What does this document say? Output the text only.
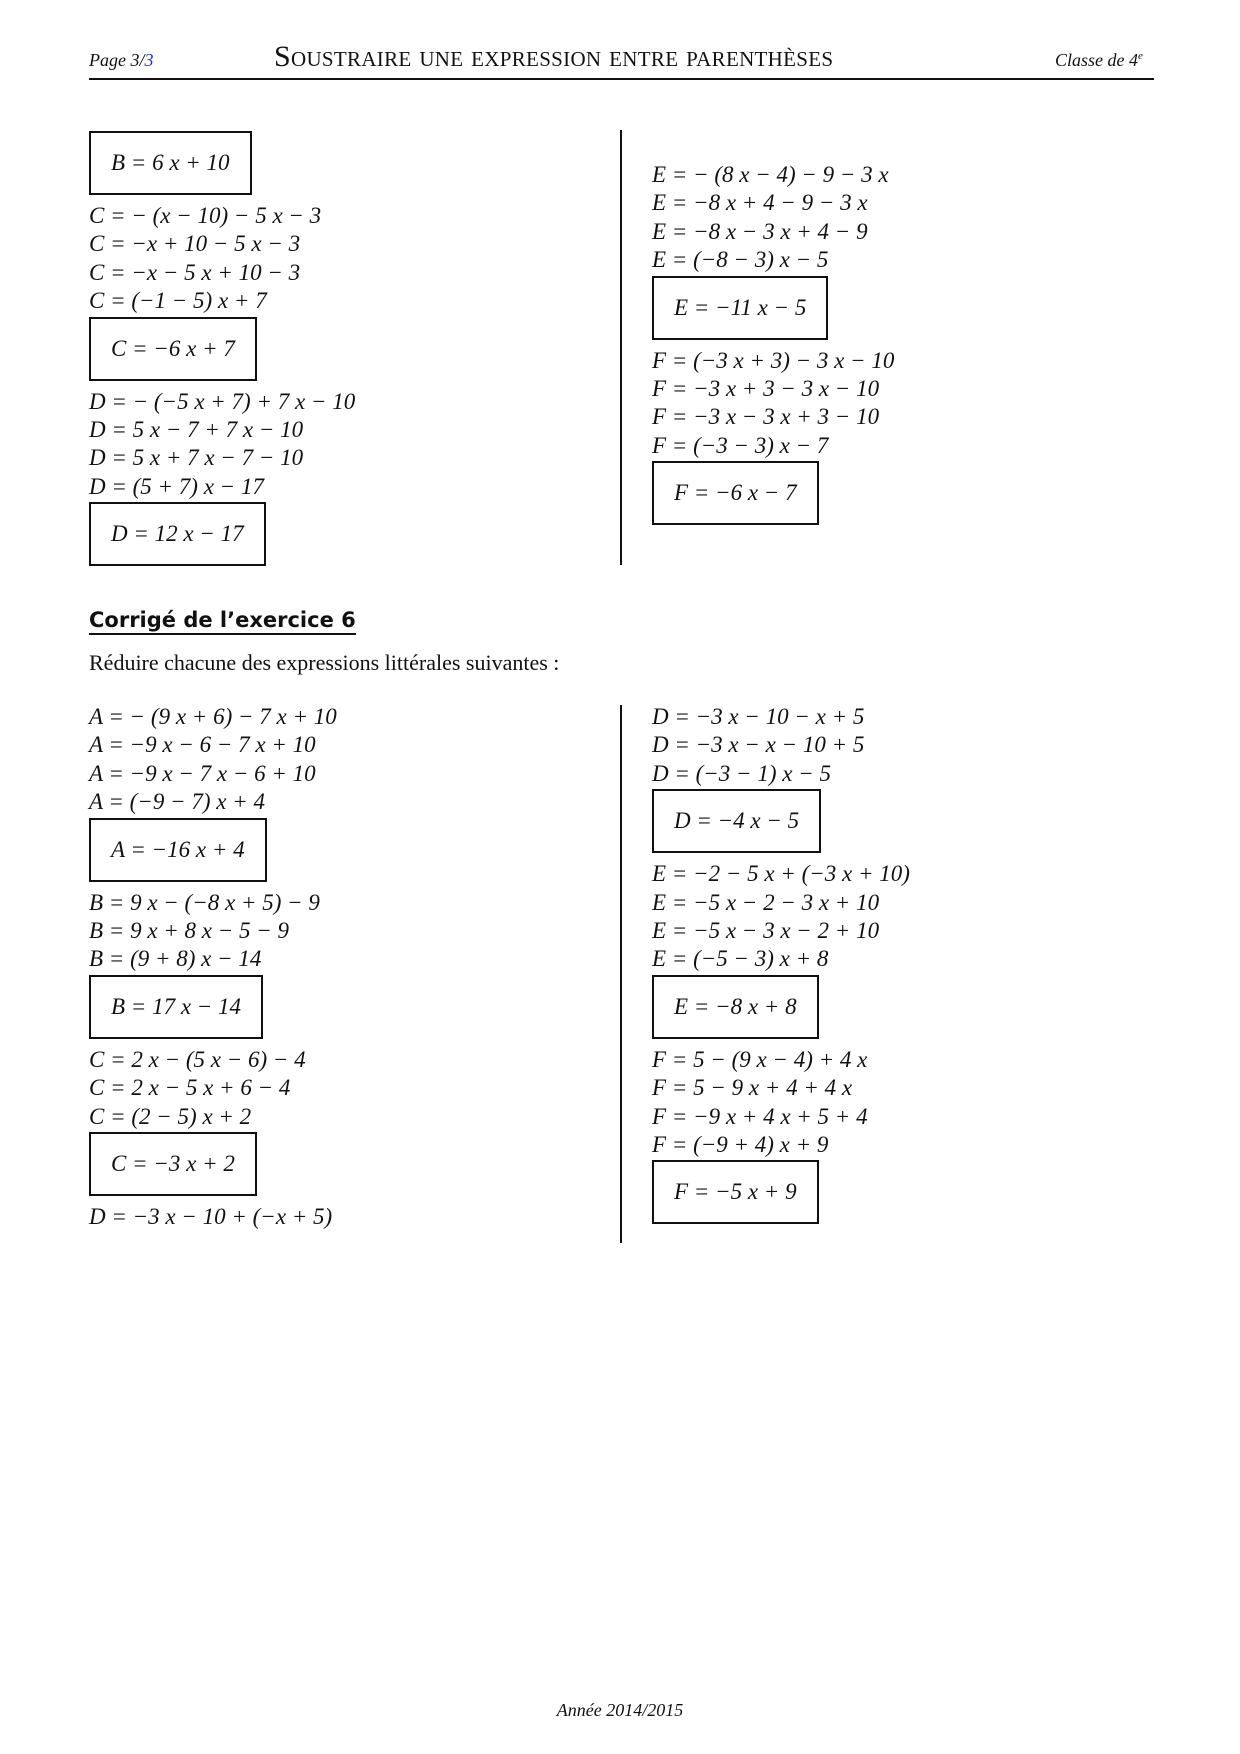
Page 3/3	Soustraire une expression entre parenthèses	Classe de 4e
B = 6 x + 10
C = − (x − 10) − 5 x − 3
C = −x + 10 − 5 x − 3
C = −x − 5 x + 10 − 3
C = (−1 − 5) x + 7
C = −6 x + 7
D = − (−5 x + 7) + 7 x − 10
D = 5 x − 7 + 7 x − 10
D = 5 x + 7 x − 7 − 10
D = (5 + 7) x − 17
D = 12 x − 17
E = − (8 x − 4) − 9 − 3 x
E = −8 x + 4 − 9 − 3 x
E = −8 x − 3 x + 4 − 9
E = (−8 − 3) x − 5
E = −11 x − 5
F = (−3 x + 3) − 3 x − 10
F = −3 x + 3 − 3 x − 10
F = −3 x − 3 x + 3 − 10
F = (−3 − 3) x − 7
F = −6 x − 7
Corrigé de l’exercice 6
Réduire chacune des expressions littérales suivantes :
A = − (9 x + 6) − 7 x + 10
A = −9 x − 6 − 7 x + 10
A = −9 x − 7 x − 6 + 10
A = (−9 − 7) x + 4
A = −16 x + 4
B = 9 x − (−8 x + 5) − 9
B = 9 x + 8 x − 5 − 9
B = (9 + 8) x − 14
B = 17 x − 14
C = 2 x − (5 x − 6) − 4
C = 2 x − 5 x + 6 − 4
C = (2 − 5) x + 2
C = −3 x + 2
D = −3 x − 10 + (−x + 5)
D = −3 x − 10 − x + 5
D = −3 x − x − 10 + 5
D = (−3 − 1) x − 5
D = −4 x − 5
E = −2 − 5 x + (−3 x + 10)
E = −5 x − 2 − 3 x + 10
E = −5 x − 3 x − 2 + 10
E = (−5 − 3) x + 8
E = −8 x + 8
F = 5 − (9 x − 4) + 4 x
F = 5 − 9 x + 4 + 4 x
F = −9 x + 4 x + 5 + 4
F = (−9 + 4) x + 9
F = −5 x + 9
Année 2014/2015
